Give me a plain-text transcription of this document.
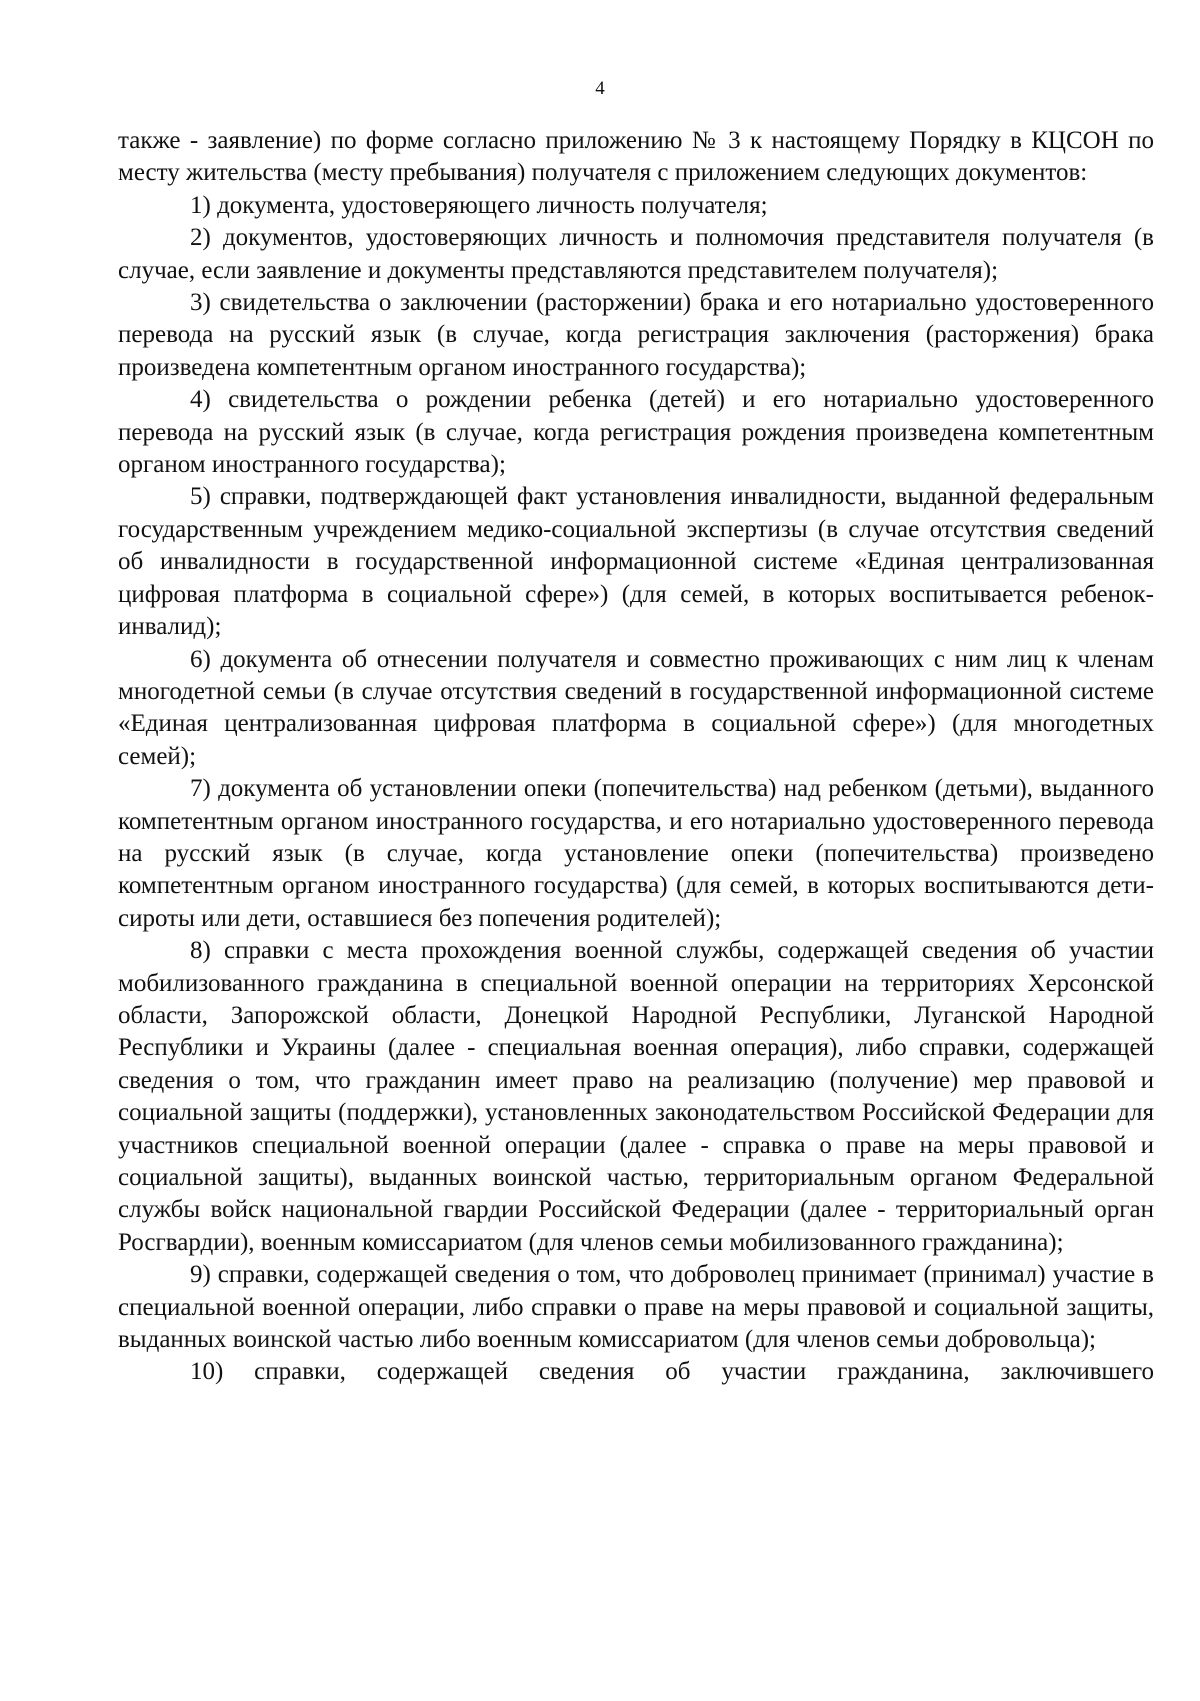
4

также - заявление) по форме согласно приложению № 3 к настоящему Порядку в КЦСОН по месту жительства (месту пребывания) получателя с приложением следующих документов:

1) документа, удостоверяющего личность получателя;

2) документов, удостоверяющих личность и полномочия представителя получателя (в случае, если заявление и документы представляются представителем получателя);

3) свидетельства о заключении (расторжении) брака и его нотариально удостоверенного перевода на русский язык (в случае, когда регистрация заключения (расторжения) брака произведена компетентным органом иностранного государства);

4) свидетельства о рождении ребенка (детей) и его нотариально удостоверенного перевода на русский язык (в случае, когда регистрация рождения произведена компетентным органом иностранного государства);

5) справки, подтверждающей факт установления инвалидности, выданной федеральным государственным учреждением медико-социальной экспертизы (в случае отсутствия сведений об инвалидности в государственной информационной системе «Единая централизованная цифровая платформа в социальной сфере») (для семей, в которых воспитывается ребенок-инвалид);

6) документа об отнесении получателя и совместно проживающих с ним лиц к членам многодетной семьи (в случае отсутствия сведений в государственной информационной системе «Единая централизованная цифровая платформа в социальной сфере») (для многодетных семей);

7) документа об установлении опеки (попечительства) над ребенком (детьми), выданного компетентным органом иностранного государства, и его нотариально удостоверенного перевода на русский язык (в случае, когда установление опеки (попечительства) произведено компетентным органом иностранного государства) (для семей, в которых воспитываются дети-сироты или дети, оставшиеся без попечения родителей);

8) справки с места прохождения военной службы, содержащей сведения об участии мобилизованного гражданина в специальной военной операции на территориях Херсонской области, Запорожской области, Донецкой Народной Республики, Луганской Народной Республики и Украины (далее - специальная военная операция), либо справки, содержащей сведения о том, что гражданин имеет право на реализацию (получение) мер правовой и социальной защиты (поддержки), установленных законодательством Российской Федерации для участников специальной военной операции (далее - справка о праве на меры правовой и социальной защиты), выданных воинской частью, территориальным органом Федеральной службы войск национальной гвардии Российской Федерации (далее - территориальный орган Росгвардии), военным комиссариатом (для членов семьи мобилизованного гражданина);

9) справки, содержащей сведения о том, что доброволец принимает (принимал) участие в специальной военной операции, либо справки о праве на меры правовой и социальной защиты, выданных воинской частью либо военным комиссариатом (для членов семьи добровольца);

10) справки, содержащей сведения об участии гражданина, заключившего
